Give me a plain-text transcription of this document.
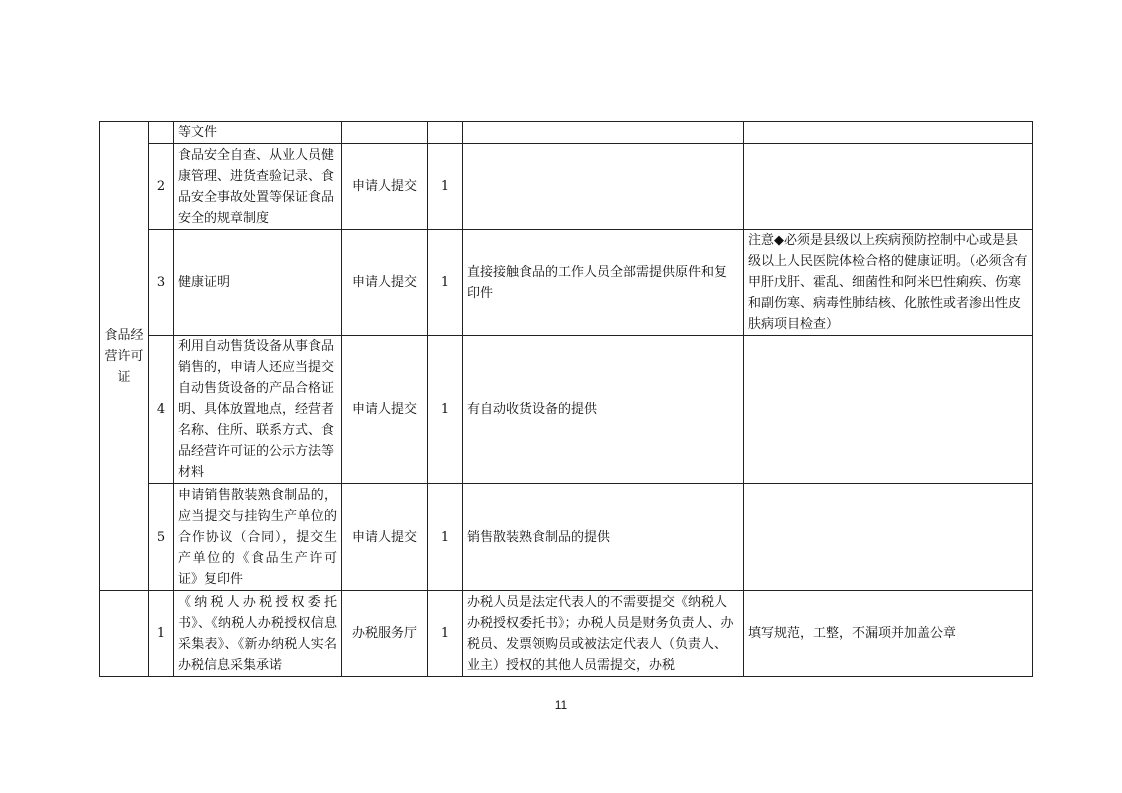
食品经营许可证		等文件				

	2	食品安全自查、从业人员健康管理、进货查验记录、食品安全事故处置等保证食品安全的规章制度	申请人提交	1		
	3	健康证明	申请人提交	1	直接接触食品的工作人员全部需提供原件和复印件	注意◆必须是县级以上疾病预防控制中心或是县级以上人民医院体检合格的健康证明。（必须含有甲肝戊肝、霍乱、细菌性和阿米巴性痢疾、伤寒和副伤寒、病毒性肺结核、化脓性或者渗出性皮肤病项目检查）
	4	利用自动售货设备从事食品销售的，申请人还应当提交自动售货设备的产品合格证明、具体放置地点，经营者名称、住所、联系方式、食品经营许可证的公示方法等材料	申请人提交	1	有自动收货设备的提供	
	5	申请销售散装熟食制品的，应当提交与挂钩生产单位的合作协议（合同），提交生产单位的《食品生产许可证》复印件	申请人提交	1	销售散装熟食制品的提供	
	1	《纳税人办税授权委托书》、《纳税人办税授权信息采集表》、《新办纳税人实名办税信息采集承诺	办税服务厅	1	办税人员是法定代表人的不需要提交《纳税人办税授权委托书》；办税人员是财务负责人、办税员、发票领购员或被法定代表人（负责人、业主）授权的其他人员需提交，办税	填写规范，工整，不漏项并加盖公章
11
